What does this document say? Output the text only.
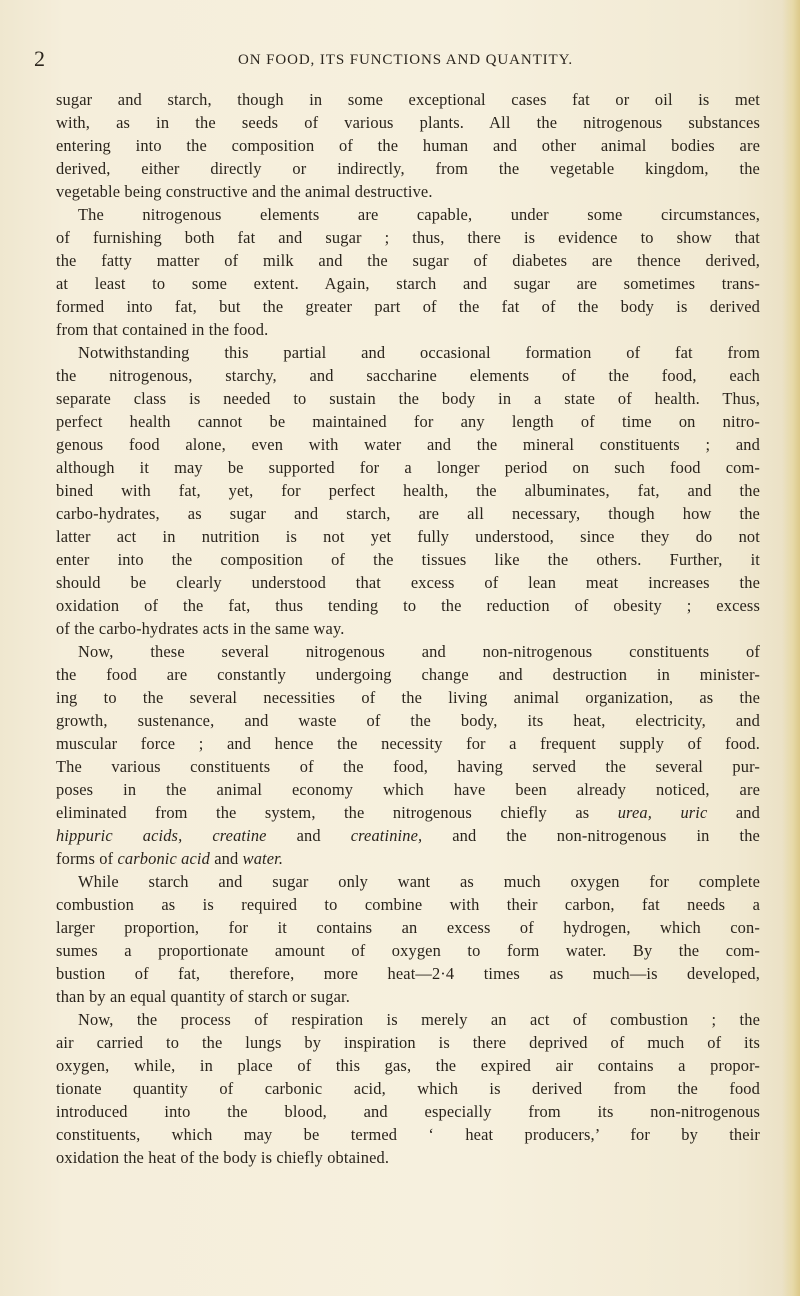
2	ON FOOD, ITS FUNCTIONS AND QUANTITY.
sugar and starch, though in some exceptional cases fat or oil is met
with, as in the seeds of various plants. All the nitrogenous substances
entering into the composition of the human and other animal bodies are
derived, either directly or indirectly, from the vegetable kingdom, the
vegetable being constructive and the animal destructive.
The nitrogenous elements are capable, under some circumstances,
of furnishing both fat and sugar ; thus, there is evidence to show that
the fatty matter of milk and the sugar of diabetes are thence derived,
at least to some extent. Again, starch and sugar are sometimes trans-
formed into fat, but the greater part of the fat of the body is derived
from that contained in the food.
Notwithstanding this partial and occasional formation of fat from
the nitrogenous, starchy, and saccharine elements of the food, each
separate class is needed to sustain the body in a state of health. Thus,
perfect health cannot be maintained for any length of time on nitro-
genous food alone, even with water and the mineral constituents ; and
although it may be supported for a longer period on such food com-
bined with fat, yet, for perfect health, the albuminates, fat, and the
carbo-hydrates, as sugar and starch, are all necessary, though how the
latter act in nutrition is not yet fully understood, since they do not
enter into the composition of the tissues like the others. Further, it
should be clearly understood that excess of lean meat increases the
oxidation of the fat, thus tending to the reduction of obesity ; excess
of the carbo-hydrates acts in the same way.
Now, these several nitrogenous and non-nitrogenous constituents of
the food are constantly undergoing change and destruction in minister-
ing to the several necessities of the living animal organization, as the
growth, sustenance, and waste of the body, its heat, electricity, and
muscular force ; and hence the necessity for a frequent supply of food.
The various constituents of the food, having served the several pur-
poses in the animal economy which have been already noticed, are
eliminated from the system, the nitrogenous chiefly as urea, uric and
hippuric acids, creatine and creatinine, and the non-nitrogenous in the
forms of carbonic acid and water.
While starch and sugar only want as much oxygen for complete
combustion as is required to combine with their carbon, fat needs a
larger proportion, for it contains an excess of hydrogen, which con-
sumes a proportionate amount of oxygen to form water. By the com-
bustion of fat, therefore, more heat—2·4 times as much—is developed,
than by an equal quantity of starch or sugar.
Now, the process of respiration is merely an act of combustion ; the
air carried to the lungs by inspiration is there deprived of much of its
oxygen, while, in place of this gas, the expired air contains a propor-
tionate quantity of carbonic acid, which is derived from the food
introduced into the blood, and especially from its non-nitrogenous
constituents, which may be termed ‘ heat producers,’ for by their
oxidation the heat of the body is chiefly obtained.
